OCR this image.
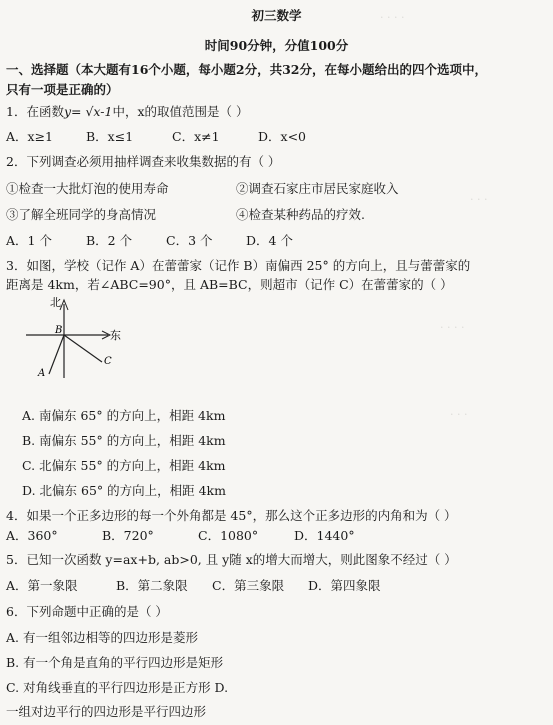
. . . .
. . .
. . . .
. . .
初三数学
时间90分钟，分值100分
一、选择题（本大题有16个小题，每小题2分，共32分，在每小题给出的四个选项中，
只有一项是正确的）
1．在函数y= √x-1中，x的取值范围是（ ）
A．x≥1	B．x≤1	C．x≠1	D．x<0
2．下列调查必须用抽样调查来收集数据的有（ ）
①检查一大批灯泡的使用寿命	②调查石家庄市居民家庭收入
③了解全班同学的身高情况	④检查某种药品的疗效.
A．1 个	B．2 个	C．3 个	D．4 个
3．如图，学校（记作 A）在蕾蕾家（记作 B）南偏西 25° 的方向上，且与蕾蕾家的
距离是 4km，若∠ABC=90°，且 AB=BC，则超市（记作 C）在蕾蕾家的（ ）
北
东
B
A
C
A. 南偏东 65° 的方向上，相距 4km
B. 南偏东 55° 的方向上，相距 4km
C. 北偏东 55° 的方向上，相距 4km
D. 北偏东 65° 的方向上，相距 4km
4．如果一个正多边形的每一个外角都是 45°，那么这个正多边形的内角和为（ ）
A．360°	B．720°	C．1080°	D．1440°
5．已知一次函数 y=ax+b, ab>0, 且 y随 x的增大而增大，则此图象不经过（ ）
A．第一象限	B．第二象限 C．第三象限 D．第四象限
6．下列命题中正确的是（ ）
A. 有一组邻边相等的四边形是菱形
B. 有一个角是直角的平行四边形是矩形
C. 对角线垂直的平行四边形是正方形 D.
一组对边平行的四边形是平行四边形
